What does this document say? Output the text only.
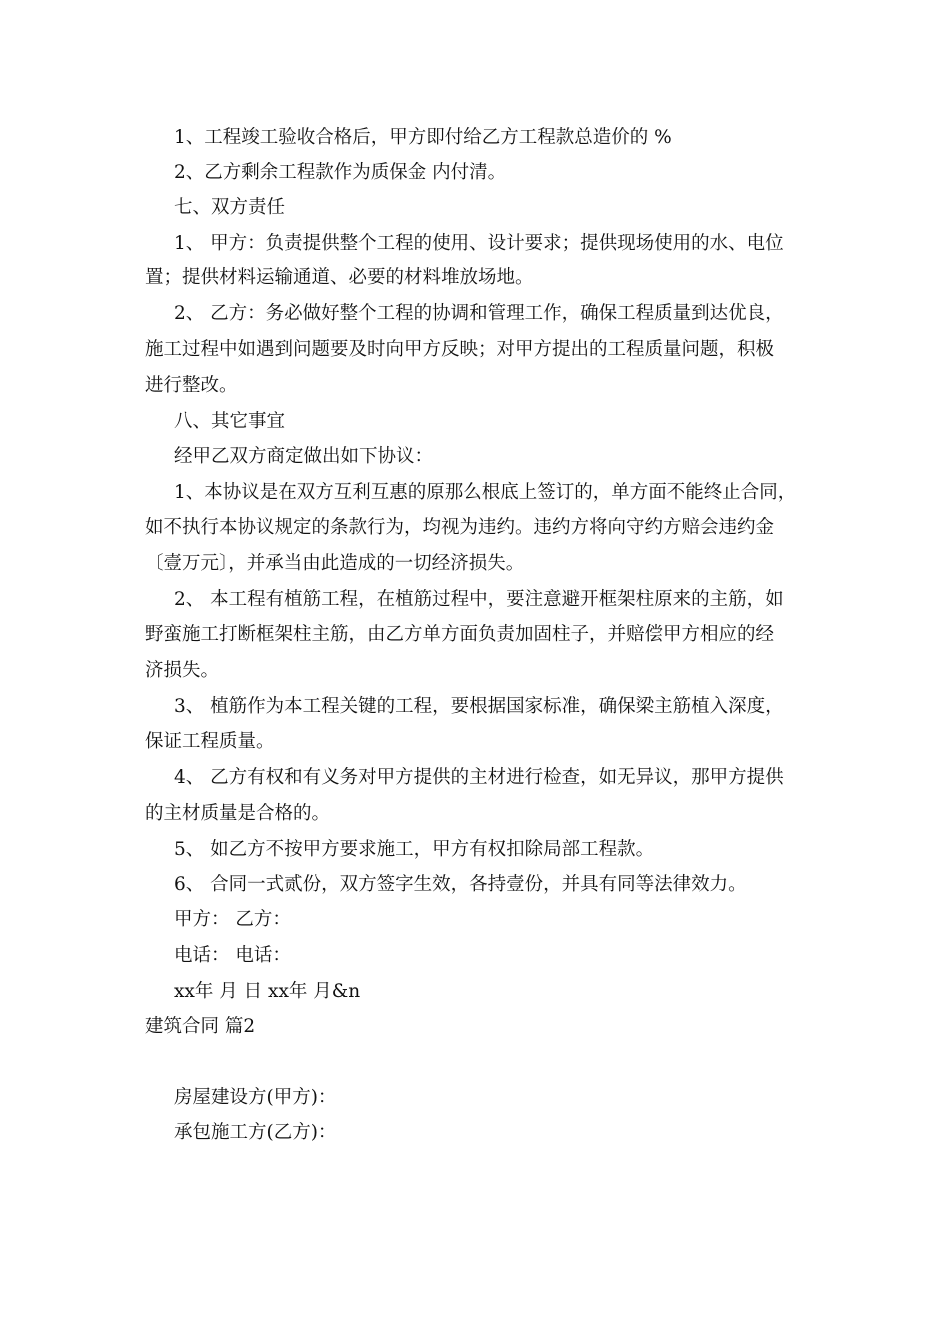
1、工程竣工验收合格后，甲方即付给乙方工程款总造价的 %
2、乙方剩余工程款作为质保金 内付清。
七、双方责任
1、 甲方：负责提供整个工程的使用、设计要求；提供现场使用的水、电位
置；提供材料运输通道、必要的材料堆放场地。
2、 乙方：务必做好整个工程的协调和管理工作，确保工程质量到达优良，
施工过程中如遇到问题要及时向甲方反映；对甲方提出的工程质量问题，积极
进行整改。
八、其它事宜
经甲乙双方商定做出如下协议：
1、本协议是在双方互利互惠的原那么根底上签订的，单方面不能终止合同，
如不执行本协议规定的条款行为，均视为违约。违约方将向守约方赔会违约金
〔壹万元〕，并承当由此造成的一切经济损失。
2、 本工程有植筋工程，在植筋过程中，要注意避开框架柱原来的主筋，如
野蛮施工打断框架柱主筋，由乙方单方面负责加固柱子，并赔偿甲方相应的经
济损失。
3、 植筋作为本工程关键的工程，要根据国家标准，确保梁主筋植入深度，
保证工程质量。
4、 乙方有权和有义务对甲方提供的主材进行检查，如无异议，那甲方提供
的主材质量是合格的。
5、 如乙方不按甲方要求施工，甲方有权扣除局部工程款。
6、 合同一式贰份，双方签字生效，各持壹份，并具有同等法律效力。
甲方： 乙方：
电话： 电话：
xx年 月 日 xx年 月&n
建筑合同 篇2
房屋建设方(甲方)：
承包施工方(乙方)：
